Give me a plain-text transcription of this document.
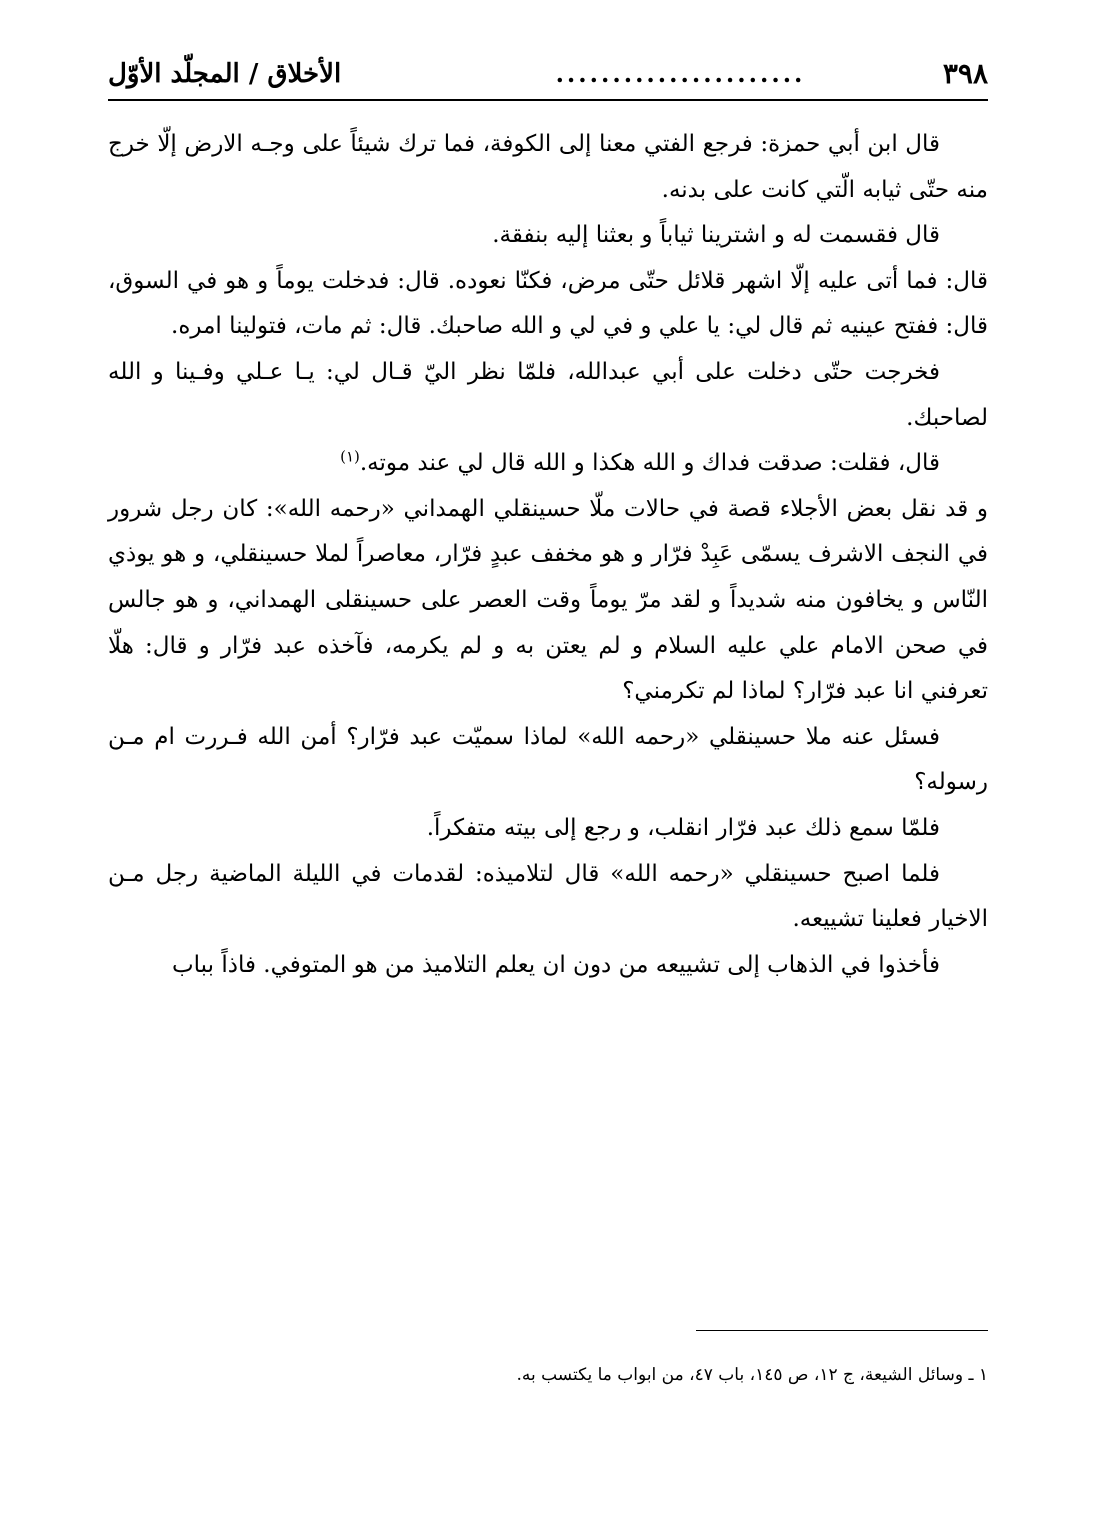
٣٩٨
......................
الأخلاق / المجلّد الأوّل

قال ابن أبي حمزة: فرجع الفتي معنا إلى الكوفة، فما ترك شيئاً على وجـه الارض إلّا خرج منه حتّى ثيابه الّتي كانت على بدنه.

قال فقسمت له و اشترينا ثياباً و بعثنا إليه بنفقة.

قال: فما أتى عليه إلّا اشهر قلائل حتّى مرض، فكنّا نعوده. قال: فدخلت يوماً و هو في السوق، قال: ففتح عينيه ثم قال لي: يا علي و في لي و الله صاحبك. قال: ثم مات، فتولينا امره.

فخرجت حتّى دخلت على أبي عبدالله، فلمّا نظر اليّ قـال لي: يـا عـلي وفـينا و الله لصاحبك.

قال، فقلت: صدقت فداك و الله هكذا و الله قال لي عند موته.$^{(١)}$

و قد نقل بعض الأجلاء قصة في حالات ملّا حسينقلي الهمداني «رحمه الله»: كان رجل شرور في النجف الاشرف يسمّى عَبِدْ فرّار و هو مخفف عبدٍ فرّار، معاصراً لملا حسينقلي، و هو يوذي النّاس و يخافون منه شديداً و لقد مرّ يوماً وقت العصر على حسينقلى الهمداني، و هو جالس في صحن الامام علي عليه السلام و لم يعتن به و لم يكرمه، فآخذه عبد فرّار و قال: هلّا تعرفني انا عبد فرّار؟ لماذا لم تكرمني؟

فسئل عنه ملا حسينقلي «رحمه الله» لماذا سميّت عبد فرّار؟ أمن الله فـررت ام مـن رسوله؟

فلمّا سمع ذلك عبد فرّار انقلب، و رجع إلى بيته متفكراً.

فلما اصبح حسينقلي «رحمه الله» قال لتلاميذه: لقدمات في الليلة الماضية رجل مـن الاخيار فعلينا تشييعه.

فأخذوا في الذهاب إلى تشييعه من دون ان يعلم التلاميذ من هو المتوفي. فاذاً بباب

١ ـ وسائل الشيعة، ج ١٢، ص ١٤٥، باب ٤٧، من ابواب ما يكتسب به.
